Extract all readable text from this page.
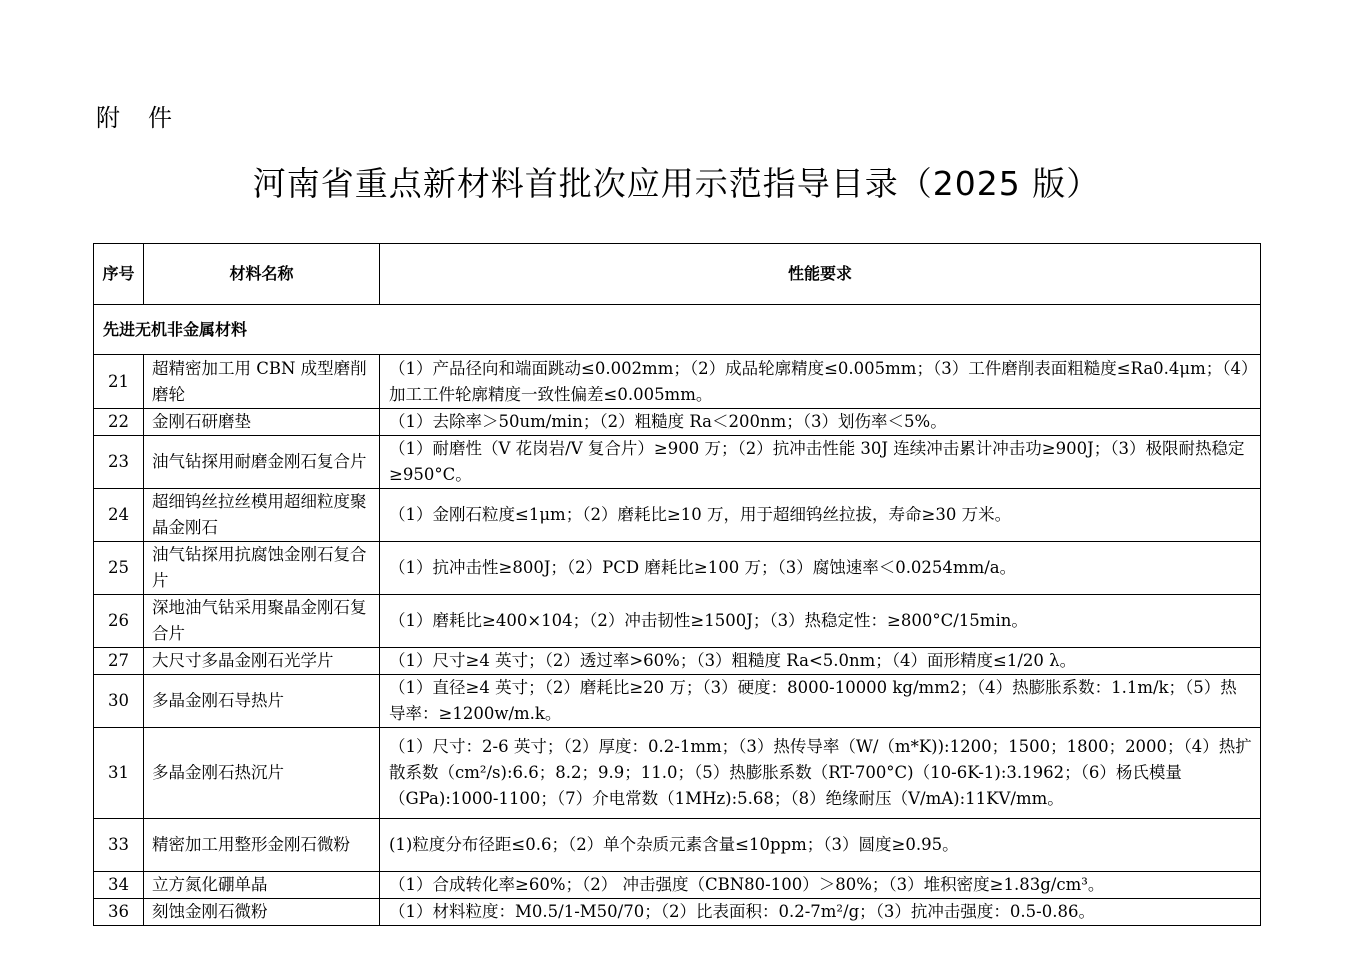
附件
河南省重点新材料首批次应用示范指导目录（2025 版）
序号	材料名称	性能要求
先进无机非金属材料		
21	超精密加工用 CBN 成型磨削磨轮	（1）产品径向和端面跳动≤0.002mm；（2）成品轮廓精度≤0.005mm；（3）工件磨削表面粗糙度≤Ra0.4μm；（4）加工工件轮廓精度一致性偏差≤0.005mm。
22	金刚石研磨垫	（1）去除率＞50um/min；（2）粗糙度 Ra＜200nm；（3）划伤率＜5%。
23	油气钻探用耐磨金刚石复合片	（1）耐磨性（V 花岗岩/V 复合片）≥900 万；（2）抗冲击性能 30J 连续冲击累计冲击功≥900J；（3）极限耐热稳定≥950°C。
24	超细钨丝拉丝模用超细粒度聚晶金刚石	（1）金刚石粒度≤1μm；（2）磨耗比≥10 万，用于超细钨丝拉拔，寿命≥30 万米。
25	油气钻探用抗腐蚀金刚石复合片	（1）抗冲击性≥800J；（2）PCD 磨耗比≥100 万；（3）腐蚀速率＜0.0254mm/a。
26	深地油气钻采用聚晶金刚石复合片	（1）磨耗比≥400×104；（2）冲击韧性≥1500J；（3）热稳定性：≥800°C/15min。
27	大尺寸多晶金刚石光学片	（1）尺寸≥4 英寸；（2）透过率>60%；（3）粗糙度 Ra<5.0nm；（4）面形精度≤1/20 λ。
30	多晶金刚石导热片	（1）直径≥4 英寸；（2）磨耗比≥20 万；（3）硬度：8000-10000 kg/mm2；（4）热膨胀系数：1.1m/k；（5）热导率：≥1200w/m.k。
31	多晶金刚石热沉片	（1）尺寸：2-6 英寸；（2）厚度：0.2-1mm；（3）热传导率（W/（m*K)):1200；1500；1800；2000；（4）热扩散系数（cm²/s):6.6；8.2；9.9；11.0；（5）热膨胀系数（RT-700°C)（10-6K-1):3.1962；（6）杨氏模量（GPa):1000-1100；（7）介电常数（1MHz):5.68；（8）绝缘耐压（V/mA):11KV/mm。
33	精密加工用整形金刚石微粉	(1)粒度分布径距≤0.6；（2）单个杂质元素含量≤10ppm；（3）圆度≥0.95。
34	立方氮化硼单晶	（1）合成转化率≥60%；（2） 冲击强度（CBN80-100）＞80%；（3）堆积密度≥1.83g/cm³。
36	刻蚀金刚石微粉	（1）材料粒度：M0.5/1-M50/70；（2）比表面积：0.2-7m²/g；（3）抗冲击强度：0.5-0.86。
